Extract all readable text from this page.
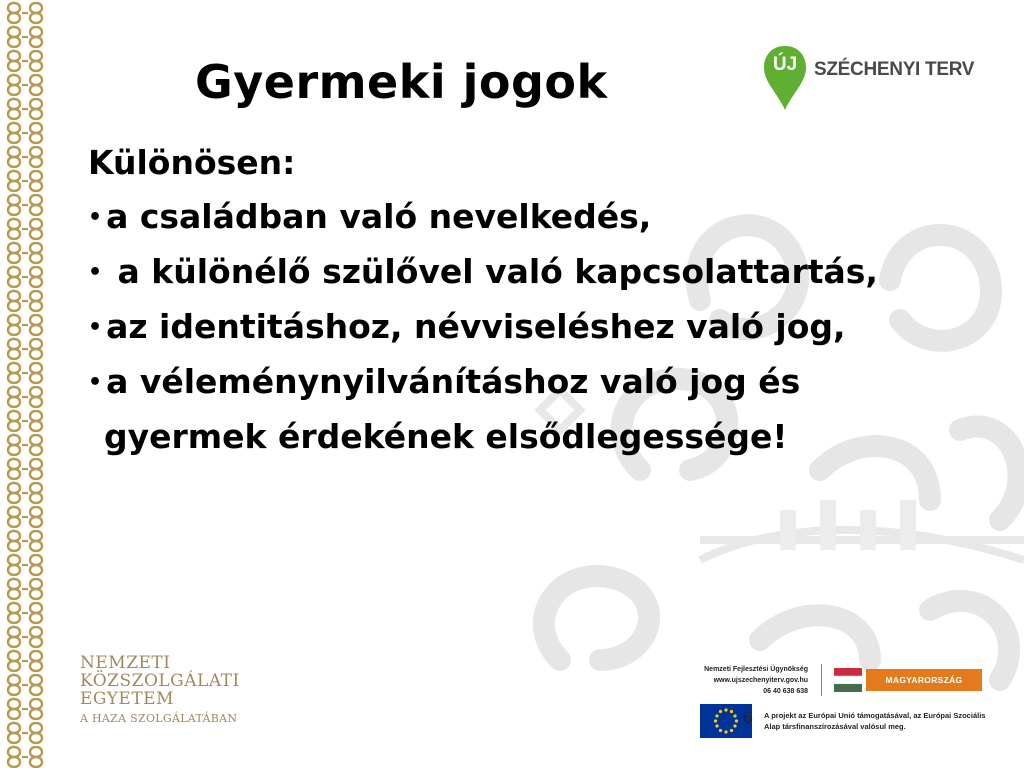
Gyermeki jogok	ÚJ SZÉCHENYI TERV

Különösen:

• a családban való nevelkedés,

• a különélő szülővel való kapcsolattartás,

• az identitáshoz, névviseléshez való jog,

• a véleménynyilvánításhoz való jog és

gyermek érdekének elsődlegessége!

NEMZETI
KÖZSZOLGÁLATI
EGYETEM
A HAZA SZOLGÁLATÁBAN
Nemzeti Fejlesztési Ügynökség
www.ujszechenyiterv.gov.hu
06 40 638 638
MAGYARORSZÁG MEGÚJUL
6 A projekt az Európai Unió támogatásával, az Európai Szociális Alap társfinanszírozásával valósul meg.
